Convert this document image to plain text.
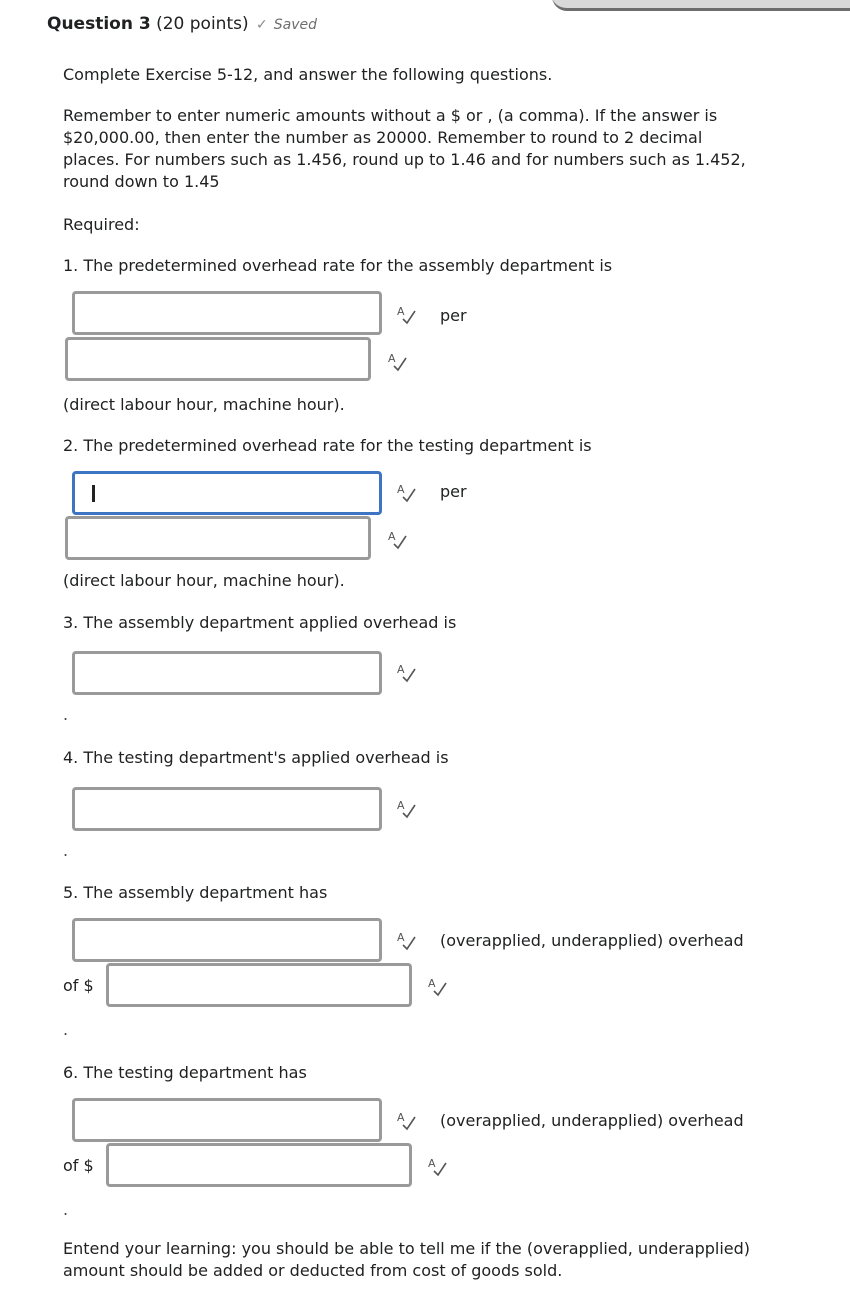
Question 3 (20 points) ✓ Saved
Complete Exercise 5-12, and answer the following questions.
Remember to enter numeric amounts without a $ or , (a comma). If the answer is $20,000.00, then enter the number as 20000. Remember to round to 2 decimal places. For numbers such as 1.456, round up to 1.46 and for numbers such as 1.452, round down to 1.45
Required:
1. The predetermined overhead rate for the assembly department is
A per
A
(direct labour hour, machine hour).
2. The predetermined overhead rate for the testing department is
A per
A
(direct labour hour, machine hour).
3. The assembly department applied overhead is
A
.
4. The testing department's applied overhead is
A
.
5. The assembly department has
A (overapplied, underapplied) overhead
of $	A
.
6. The testing department has
A (overapplied, underapplied) overhead
of $	A
.
Entend your learning: you should be able to tell me if the (overapplied, underapplied) amount should be added or deducted from cost of goods sold.
